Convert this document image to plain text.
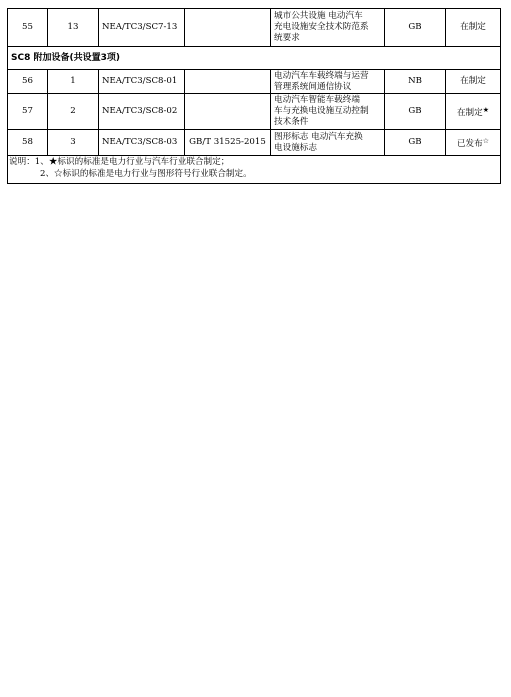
55	13	NEA/TC3/SC7-13		城市公共设施 电动汽车
充电设施安全技术防范系
统要求	GB	在制定
SC8 附加设备(共设置3项)						
56	1	NEA/TC3/SC8-01		电动汽车车载终端与运营
管理系统间通信协议	NB	在制定
57	2	NEA/TC3/SC8-02		电动汽车智能车载终端
车与充换电设施互动控制
技术条件	GB	在制定★
58	3	NEA/TC3/SC8-03	GB/T 31525-2015	图形标志 电动汽车充换
电设施标志	GB	已发布☆
说明：1、★标识的标准是电力行业与汽车行业联合制定；
2、☆标识的标准是电力行业与图形符号行业联合制定。
